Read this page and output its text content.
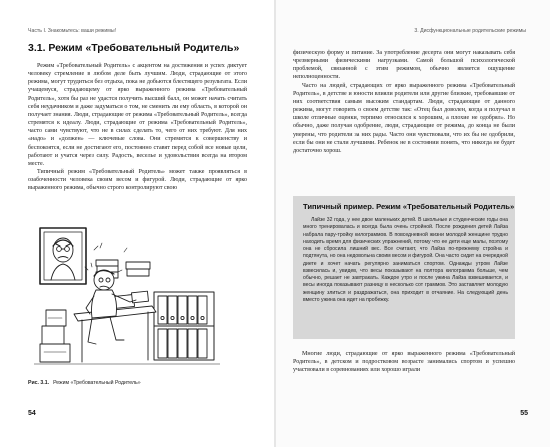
Часть I. Знакомьтесь: ваши режимы!
3.1. Режим «Требовательный Родитель»

Режим «Требовательный Родитель» с акцентом на достижения и успех диктует человеку стремление в любом деле быть лучшим. Люди, страдающие от этого режима, могут трудиться без отдыха, пока не добьются блестящего результата. Если учащемуся, страдающему от ярко выраженного режима «Требовательный Родитель», хотя бы раз не удастся получить высший балл, он может начать считать себя неудачником и даже задуматься о том, не сменить ли ему область, в которой он получает знания. Люди, страдающие от режима «Требовательный Родитель», всегда стремятся к идеалу. Люди, страдающие от режима «Требовательный Родитель», часто сами чувствуют, что не в силах сделать то, чего от них требуют. Для них «надо» и «должен» — ключевые слова. Они стремятся к совершенству и беспокоятся, если не достигают его, постоянно ставят перед собой все новые цели, работают и учатся через силу. Радость, веселье и удовольствия всегда на втором месте.

Типичный режим «Требовательный Родитель» может также проявляться в озабоченности человека своим весом и фигурой. Люди, страдающие от ярко выраженного режима, обычно строго контролируют свою

Рис. 3.1. Режим «Требовательный Родитель»
54
3. Дисфункциональные родительские режимы

физическую форму и питание. За употребление десерта они могут наказывать себя чрезмерными физическими нагрузками. Самой большой психологической проблемой, связанной с этим режимом, обычно является ощущение неполноценности.

Часто на людей, страдающих от ярко выраженного режима «Требовательный Родитель», в детстве и юности влияли родители или другие близкие, требовавшие от них соответствия самым высоким стандартам. Люди, страдающие от данного режима, могут говорить о своем детстве так: «Отец был доволен, когда я получал в школе отличные оценки, терпимо относился к хорошим, а плохие не одобрял». Но обычно, даже получая одобрение, люди, страдающие от режима, до конца не были уверены, что родители за них рады. Часто они чувствовали, что их бы не одобрили, если бы они не стали лучшими. Ребенок не в состоянии понять, что никогда не будет достаточно хорош.

Типичный пример. Режим «Требовательный Родитель»

Лайзе 32 года, у нее двое маленьких детей. В школьные и студенческие годы она много тренировалась и всегда была очень стройной. После рождения детей Лайза набрала пару-тройку килограммов. В повседневной жизни молодой женщине трудно находить время для физических упражнений, потому что ее дети еще малы, поэтому она не сбросила лишний вес. Все считают, что Лайза по-прежнему стройна и подтянута, но она недовольна своим весом и фигурой. Она часто сидит на очередной диете и хочет начать регулярно заниматься спортом. Однажды утром Лайзе взвесилась и, увидев, что весы показывают на полтора килограмма больше, чем обычно, решает не завтракать. Каждое утро и после ужина Лайза взвешивается, и весы иногда показывают разницу в несколько сот граммов. Это заставляет молодую женщину злиться и раздражаться, она приходит в отчаяние. На следующий день вместо ужина она идет на пробежку.

Многие люди, страдающие от ярко выраженного режима «Требовательный Родитель», в детском и подростковом возрасте занимались спортом и успешно участвовали в соревнованиях или хорошо играли

55
